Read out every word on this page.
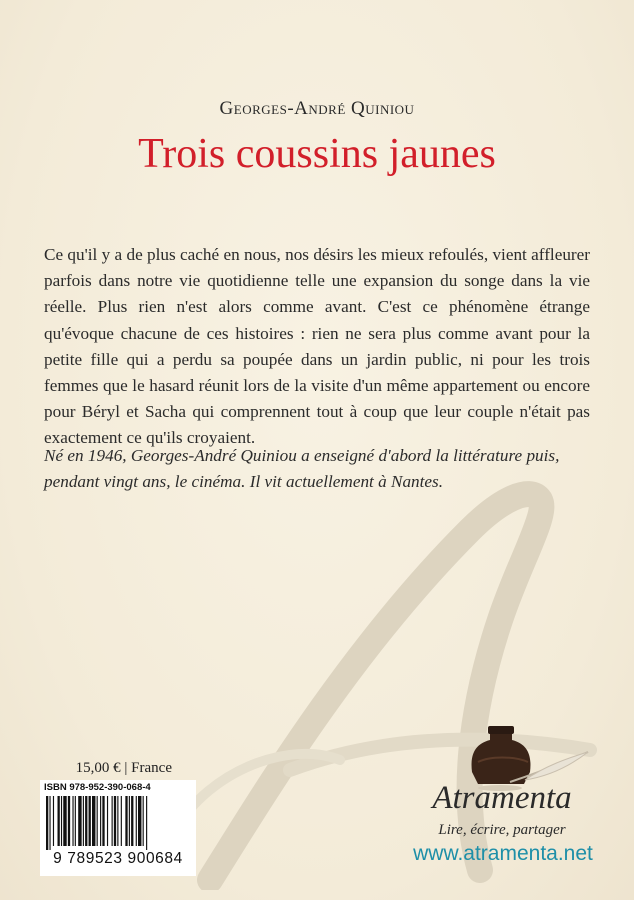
Georges-André Quiniou
Trois coussins jaunes

Ce qu'il y a de plus caché en nous, nos désirs les mieux refoulés, vient affleurer parfois dans notre vie quotidienne telle une expansion du songe dans la vie réelle. Plus rien n'est alors comme avant. C'est ce phénomène étrange qu'évoque chacune de ces histoires : rien ne sera plus comme avant pour la petite fille qui a perdu sa poupée dans un jardin public, ni pour les trois femmes que le hasard réunit lors de la visite d'un même appartement ou encore pour Béryl et Sacha qui comprennent tout à coup que leur couple n'était pas exactement ce qu'ils croyaient.

Né en 1946, Georges-André Quiniou a enseigné d'abord la littérature puis, pendant vingt ans, le cinéma. Il vit actuellement à Nantes.

15,00 € | France
ISBN 978-952-390-068-4
9 789523 900684
Atramenta
Lire, écrire, partager
www.atramenta.net
